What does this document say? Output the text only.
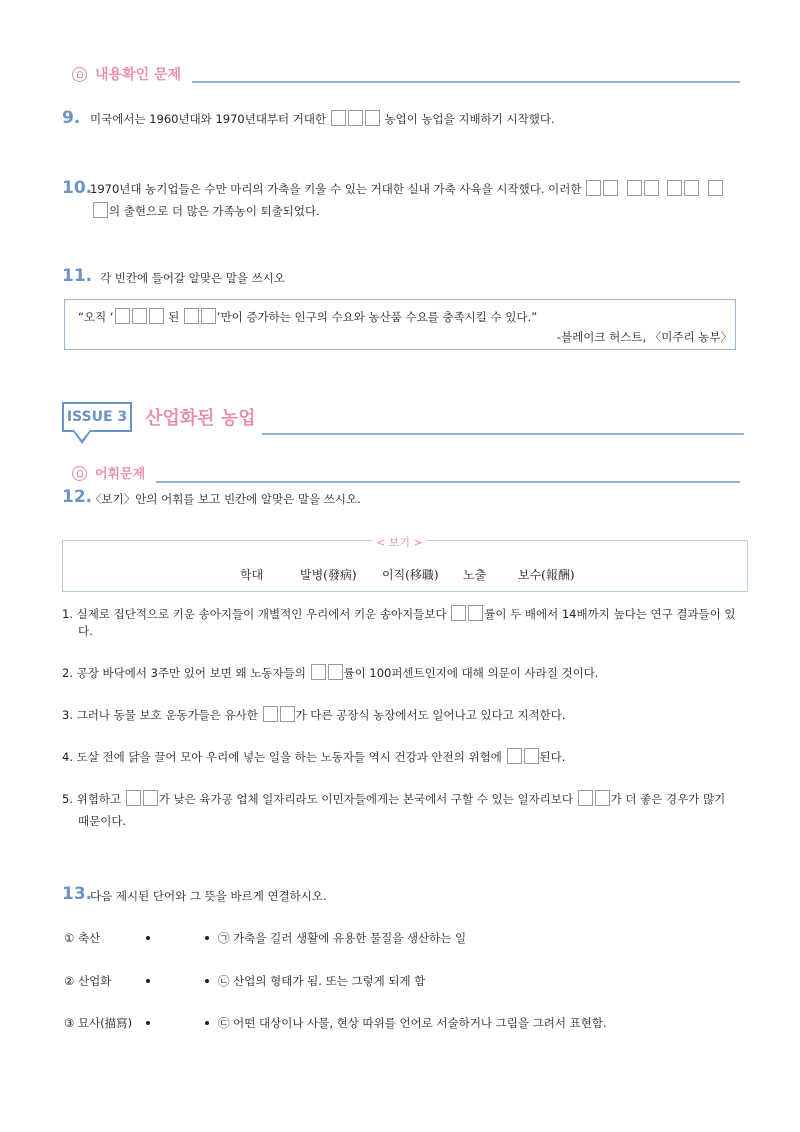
내용확인 문제
9. 미국에서는 1960년대와 1970년대부터 거대한	농업이 농업을 지배하기 시작했다.
10.
1970년대 농기업들은 수만 마리의 가축을 키울 수 있는 거대한 실내 가축 사육을 시작했다. 이러한
의 출현으로 더 많은 가족농이 퇴출되었다.
11. 각 빈칸에 들어갈 알맞은 말을 쓰시오
“오직 ‘	된	’만이 증가하는 인구의 수요와 농산품 수요를 충족시킬 수 있다.”
-블레이크 허스트, 〈미주리 농부〉
ISSUE 3 산업화된 농업
어휘문제
12.
〈보기〉안의 어휘를 보고 빈칸에 알맞은 말을 쓰시오.
< 보기 >
학대	발병(發病) 이직(移職) 노출	보수(報酬)
1. 실제로 집단적으로 키운 송아지들이 개별적인 우리에서 키운 송아지들보다	률이 두 배에서 14배까지 높다는 연구 결과들이 있
다.
2. 공장 바닥에서 3주만 있어 보면 왜 노동자들의	률이 100퍼센트인지에 대해 의문이 사라질 것이다.
3. 그러나 동물 보호 운동가들은 유사한	가 다른 공장식 농장에서도 일어나고 있다고 지적한다.
4. 도살 전에 닭을 끌어 모아 우리에 넣는 일을 하는 노동자들 역시 건강과 안전의 위험에	된다.
5. 위험하고	가 낮은 육가공 업체 일자리라도 이민자들에게는 본국에서 구할 수 있는 일자리보다	가 더 좋은 경우가 많기
때문이다.
13.
다음 제시된 단어와 그 뜻을 바르게 연결하시오.
① 축산	㉠ 가축을 길러 생활에 유용한 물질을 생산하는 일
② 산업화	㉡ 산업의 형태가 됨. 또는 그렇게 되게 함
③ 묘사(描寫)	㉢ 어떤 대상이나 사물, 현상 따위를 언어로 서술하거나 그림을 그려서 표현함.
